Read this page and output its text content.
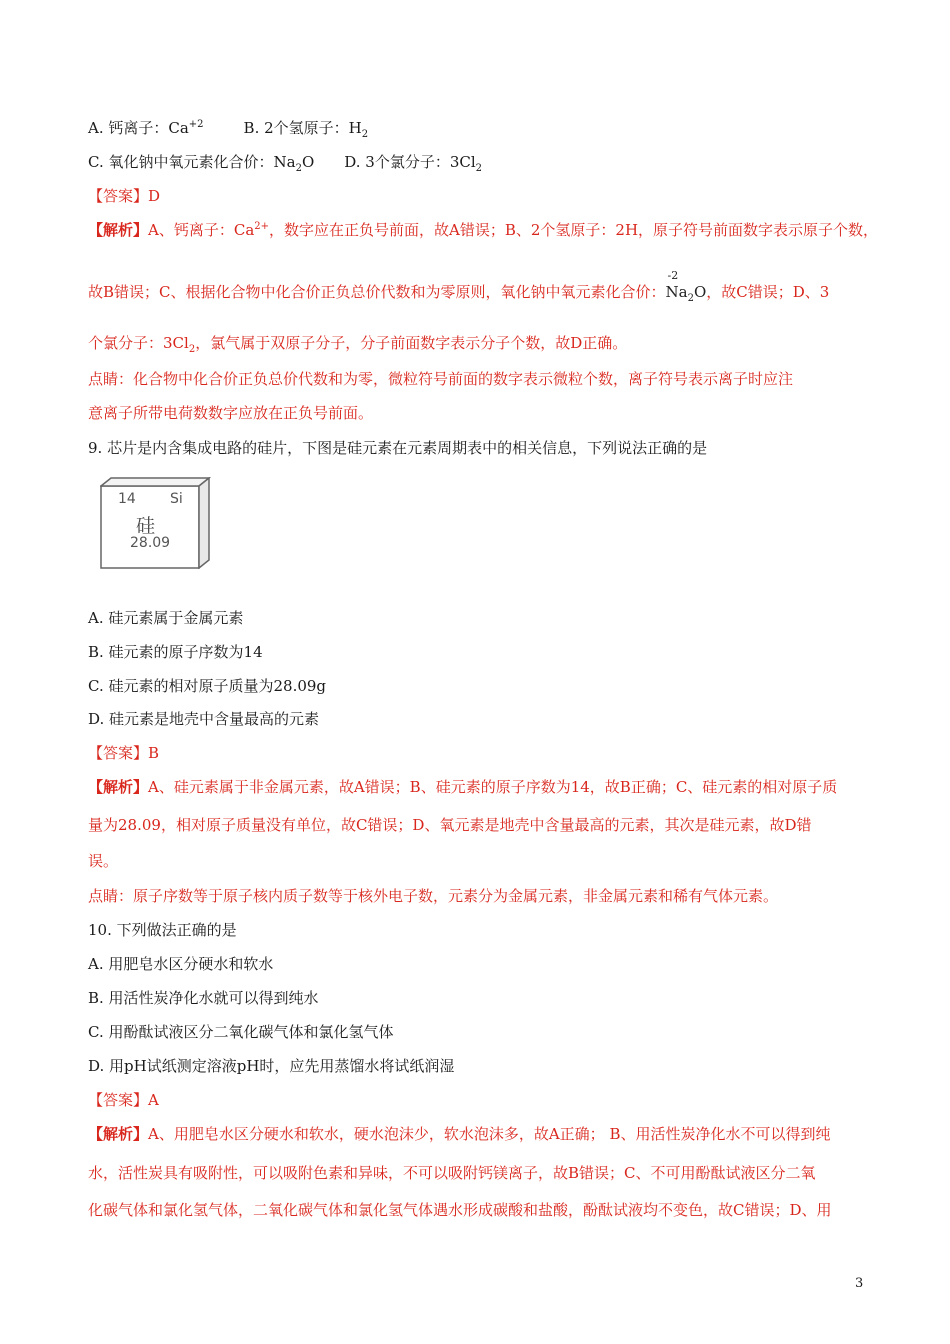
A. 钙离子：$Ca^{+2}$	B. 2个氢原子：$H_2$
C. 氧化钠中氧元素化合价：$Na_2O$ D. 3个氯分子：$3Cl_2$
【答案】D
【解析】A、钙离子：$Ca^{2+}$，数字应在正负号前面，故A错误；B、2个氢原子：2H，原子符号前面数字表示原子个数，
故B错误；C、根据化合物中化合价正负总价代数和为零原则，氧化钠中氧元素化合价：
-2
$Na_2O$，故C错误；D、3
个氯分子：$3Cl_2$，氯气属于双原子分子，分子前面数字表示分子个数，故D正确。
点睛：化合物中化合价正负总价代数和为零，微粒符号前面的数字表示微粒个数，离子符号表示离子时应注
意离子所带电荷数数字应放在正负号前面。
9. 芯片是内含集成电路的硅片，下图是硅元素在元素周期表中的相关信息，下列说法正确的是
14 Si
硅
28.09
A. 硅元素属于金属元素
B. 硅元素的原子序数为14
C. 硅元素的相对原子质量为28.09g
D. 硅元素是地壳中含量最高的元素
【答案】B
【解析】A、硅元素属于非金属元素，故A错误；B、硅元素的原子序数为14，故B正确；C、硅元素的相对原子质
量为28.09，相对原子质量没有单位，故C错误；D、氧元素是地壳中含量最高的元素，其次是硅元素，故D错
误。
点睛：原子序数等于原子核内质子数等于核外电子数，元素分为金属元素，非金属元素和稀有气体元素。
10. 下列做法正确的是
A. 用肥皂水区分硬水和软水
B. 用活性炭净化水就可以得到纯水
C. 用酚酞试液区分二氧化碳气体和氯化氢气体
D. 用pH试纸测定溶液pH时，应先用蒸馏水将试纸润湿
【答案】A
【解析】A、用肥皂水区分硬水和软水，硬水泡沫少，软水泡沫多，故A正确； B、用活性炭净化水不可以得到纯
水，活性炭具有吸附性，可以吸附色素和异味，不可以吸附钙镁离子，故B错误；C、不可用酚酞试液区分二氧
化碳气体和氯化氢气体，二氧化碳气体和氯化氢气体遇水形成碳酸和盐酸，酚酞试液均不变色，故C错误；D、用
3
